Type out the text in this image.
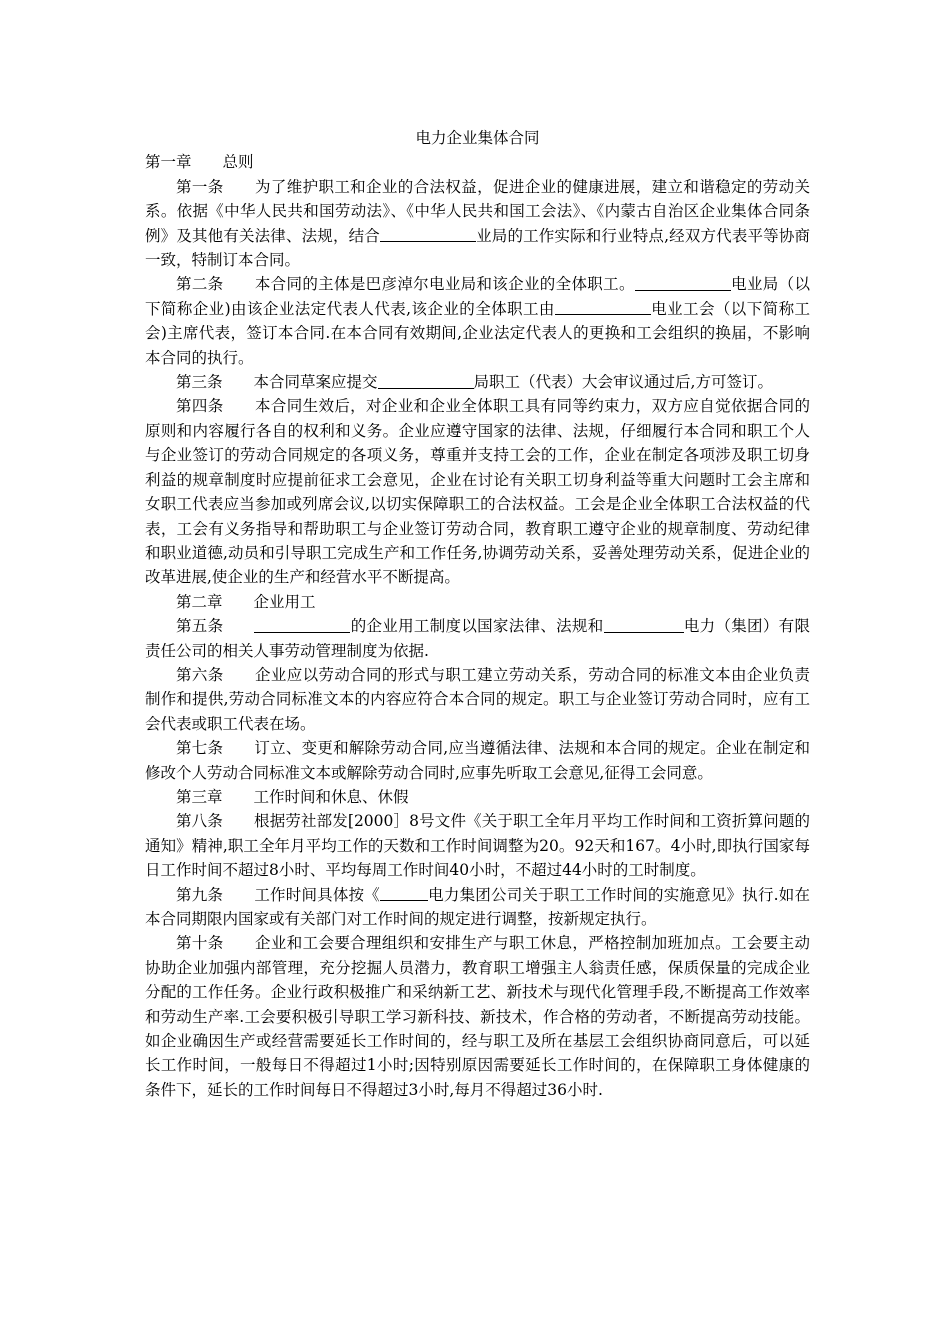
电力企业集体合同
第一章 总则

第一条 为了维护职工和企业的合法权益，促进企业的健康进展，建立和谐稳定的劳动关系。依据《中华人民共和国劳动法》、《中华人民共和国工会法》、《内蒙古自治区企业集体合同条例》及其他有关法律、法规，结合	业局的工作实际和行业特点,经双方代表平等协商一致，特制订本合同。

第二条 本合同的主体是巴彦淖尔电业局和该企业的全体职工。	电业局（以下简称企业)由该企业法定代表人代表,该企业的全体职工由	电业工会（以下简称工会)主席代表，签订本合同.在本合同有效期间,企业法定代表人的更换和工会组织的换届，不影响本合同的执行。

第三条 本合同草案应提交	局职工（代表）大会审议通过后,方可签订。

第四条 本合同生效后，对企业和企业全体职工具有同等约束力，双方应自觉依据合同的原则和内容履行各自的权利和义务。企业应遵守国家的法律、法规，仔细履行本合同和职工个人与企业签订的劳动合同规定的各项义务，尊重并支持工会的工作，企业在制定各项涉及职工切身利益的规章制度时应提前征求工会意见，企业在讨论有关职工切身利益等重大问题时工会主席和女职工代表应当参加或列席会议,以切实保障职工的合法权益。工会是企业全体职工合法权益的代表，工会有义务指导和帮助职工与企业签订劳动合同，教育职工遵守企业的规章制度、劳动纪律和职业道德,动员和引导职工完成生产和工作任务,协调劳动关系，妥善处理劳动关系，促进企业的改革进展,使企业的生产和经营水平不断提高。

第二章 企业用工

第五条	的企业用工制度以国家法律、法规和	电力（集团）有限责任公司的相关人事劳动管理制度为依据.

第六条 企业应以劳动合同的形式与职工建立劳动关系，劳动合同的标准文本由企业负责制作和提供,劳动合同标准文本的内容应符合本合同的规定。职工与企业签订劳动合同时，应有工会代表或职工代表在场。

第七条 订立、变更和解除劳动合同,应当遵循法律、法规和本合同的规定。企业在制定和修改个人劳动合同标准文本或解除劳动合同时,应事先听取工会意见,征得工会同意。

第三章 工作时间和休息、休假

第八条 根据劳社部发[2000］8号文件《关于职工全年月平均工作时间和工资折算问题的通知》精神,职工全年月平均工作的天数和工作时间调整为20。92天和167。4小时,即执行国家每日工作时间不超过8小时、平均每周工作时间40小时，不超过44小时的工时制度。

第九条 工作时间具体按《	电力集团公司关于职工工作时间的实施意见》执行.如在本合同期限内国家或有关部门对工作时间的规定进行调整，按新规定执行。

第十条 企业和工会要合理组织和安排生产与职工休息，严格控制加班加点。工会要主动协助企业加强内部管理，充分挖掘人员潜力，教育职工增强主人翁责任感，保质保量的完成企业分配的工作任务。企业行政积极推广和采纳新工艺、新技术与现代化管理手段,不断提高工作效率和劳动生产率.工会要积极引导职工学习新科技、新技术，作合格的劳动者，不断提高劳动技能。如企业确因生产或经营需要延长工作时间的，经与职工及所在基层工会组织协商同意后，可以延长工作时间，一般每日不得超过1小时;因特别原因需要延长工作时间的，在保障职工身体健康的条件下，延长的工作时间每日不得超过3小时,每月不得超过36小时.
